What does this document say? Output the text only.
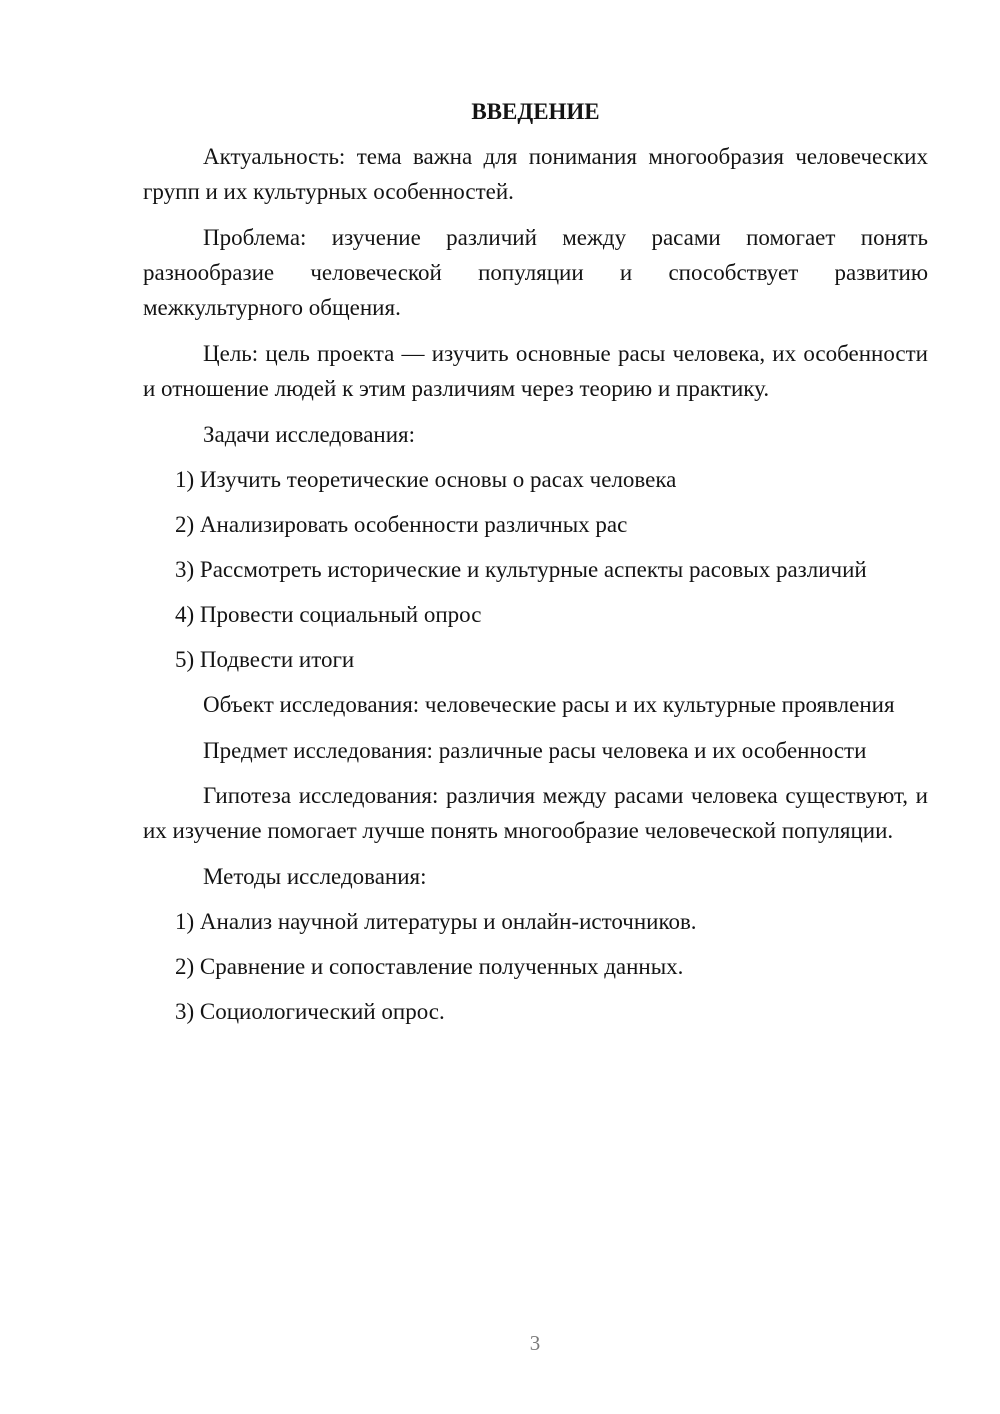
ВВЕДЕНИЕ

Актуальность: тема важна для понимания многообразия человеческих групп и их культурных особенностей.

Проблема: изучение различий между расами помогает понять разнообразие человеческой популяции и способствует развитию межкультурного общения.

Цель: цель проекта — изучить основные расы человека, их особенности и отношение людей к этим различиям через теорию и практику.

Задачи исследования:

1) Изучить теоретические основы о расах человека
2) Анализировать особенности различных рас
3) Рассмотреть исторические и культурные аспекты расовых различий
4) Провести социальный опрос
5) Подвести итоги

Объект исследования: человеческие расы и их культурные проявления

Предмет исследования: различные расы человека и их особенности

Гипотеза исследования: различия между расами человека существуют, и их изучение помогает лучше понять многообразие человеческой популяции.

Методы исследования:

1) Анализ научной литературы и онлайн-источников.
2) Сравнение и сопоставление полученных данных.
3) Социологический опрос.
3
